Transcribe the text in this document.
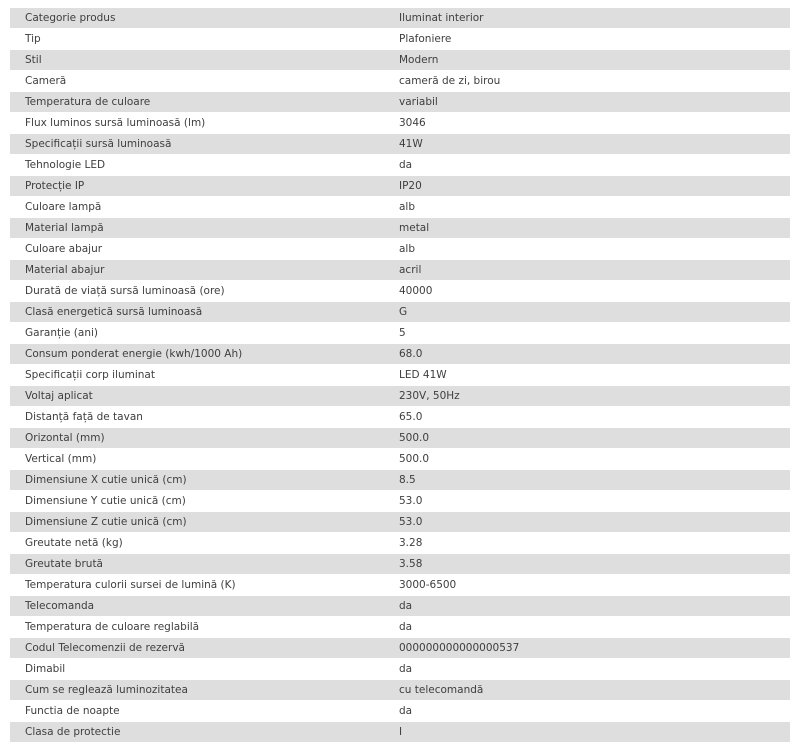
Categorie produs	Iluminat interior
Tip	Plafoniere
Stil	Modern
Cameră	cameră de zi, birou
Temperatura de culoare	variabil
Flux luminos sursă luminoasă (lm)	3046
Specificații sursă luminoasă	41W
Tehnologie LED	da
Protecție IP	IP20
Culoare lampă	alb
Material lampă	metal
Culoare abajur	alb
Material abajur	acril
Durată de viață sursă luminoasă (ore)	40000
Clasă energetică sursă luminoasă	G
Garanție (ani)	5
Consum ponderat energie (kwh/1000 Ah)	68.0
Specificații corp iluminat	LED 41W
Voltaj aplicat	230V, 50Hz
Distanță față de tavan	65.0
Orizontal (mm)	500.0
Vertical (mm)	500.0
Dimensiune X cutie unică (cm)	8.5
Dimensiune Y cutie unică (cm)	53.0
Dimensiune Z cutie unică (cm)	53.0
Greutate netă (kg)	3.28
Greutate brută	3.58
Temperatura culorii sursei de lumină (K)	3000-6500
Telecomanda	da
Temperatura de culoare reglabilă	da
Codul Telecomenzii de rezervă	000000000000000537
Dimabil	da
Cum se reglează luminozitatea	cu telecomandă
Functia de noapte	da
Clasa de protectie	I
